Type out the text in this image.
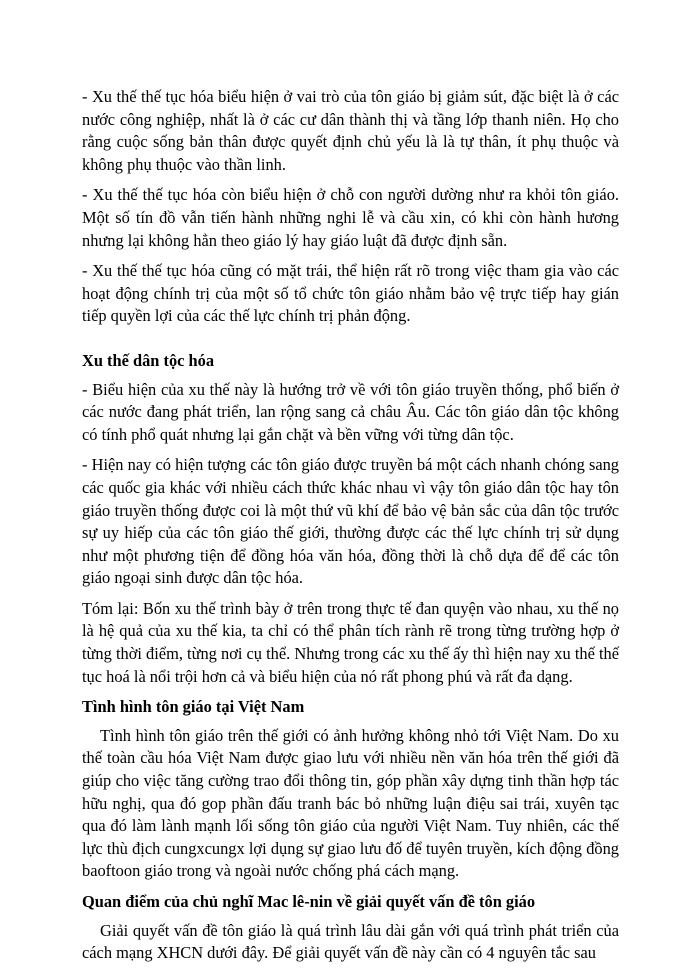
- Xu thế thế tục hóa biểu hiện ở vai trò của tôn giáo bị giảm sút, đặc biệt là ở các nước công nghiệp, nhất là ở các cư dân thành thị và tầng lớp thanh niên. Họ cho rằng cuộc sống bản thân được quyết định chủ yếu là là tự thân, ít phụ thuộc và không phụ thuộc vào thần linh.

- Xu thế thế tục hóa còn biểu hiện ở chỗ con người dường như ra khỏi tôn giáo. Một số tín đồ vẫn tiến hành những nghi lễ và cầu xin, có khi còn hành hương nhưng lại không hẳn theo giáo lý hay giáo luật đã được định sẵn.

- Xu thế thế tục hóa cũng có mặt trái, thể hiện rất rõ trong việc tham gia vào các hoạt động chính trị của một số tổ chức tôn giáo nhằm bảo vệ trực tiếp hay gián tiếp quyền lợi của các thế lực chính trị phản động.

Xu thế dân tộc hóa

- Biểu hiện của xu thế này là hướng trở về với tôn giáo truyền thống, phổ biến ở các nước đang phát triển, lan rộng sang cả châu Âu. Các tôn giáo dân tộc không có tính phổ quát nhưng lại gắn chặt và bền vững với từng dân tộc.

- Hiện nay có hiện tượng các tôn giáo được truyền bá một cách nhanh chóng sang các quốc gia khác với nhiều cách thức khác nhau vì vậy tôn giáo dân tộc hay tôn giáo truyền thống được coi là một thứ vũ khí để bảo vệ bản sắc của dân tộc trước sự uy hiếp của các tôn giáo thế giới, thường được các thế lực chính trị sử dụng như một phương tiện để đồng hóa văn hóa, đồng thời là chỗ dựa để để các tôn giáo ngoại sinh được dân tộc hóa.

Tóm lại: Bốn xu thế trình bày ở trên trong thực tế đan quyện vào nhau, xu thế nọ là hệ quả của xu thế kia, ta chỉ có thể phân tích rành rẽ trong từng trường hợp ở từng thời điểm, từng nơi cụ thể. Nhưng trong các xu thế ấy thì hiện nay xu thế thế tục hoá là nổi trội hơn cả và biểu hiện của nó rất phong phú và rất đa dạng.

Tình hình tôn giáo tại Việt Nam

Tình hình tôn giáo trên thế giới có ảnh hưởng không nhỏ tới Việt Nam. Do xu thế toàn cầu hóa Việt Nam được giao lưu với nhiều nền văn hóa trên thế giới đã giúp cho việc tăng cường trao đổi thông tin, góp phần xây dựng tinh thần hợp tác hữu nghị, qua đó gop phần đấu tranh bác bỏ những luận điệu sai trái, xuyên tạc qua đó làm lành mạnh lối sống tôn giáo của người Việt Nam. Tuy nhiên, các thế lực thù địch cungxcungx lợi dụng sự giao lưu đố để tuyên truyền, kích động đồng baoftoon giáo trong và ngoài nước chống phá cách mạng.

Quan điểm của chủ nghĩ Mac lê-nin về giải quyết vấn đề tôn giáo

Giải quyết vấn đề tôn giáo là quá trình lâu dài gắn với quá trình phát triển của cách mạng XHCN dưới đây. Để giải quyết vấn đề này cần có 4 nguyên tắc sau
